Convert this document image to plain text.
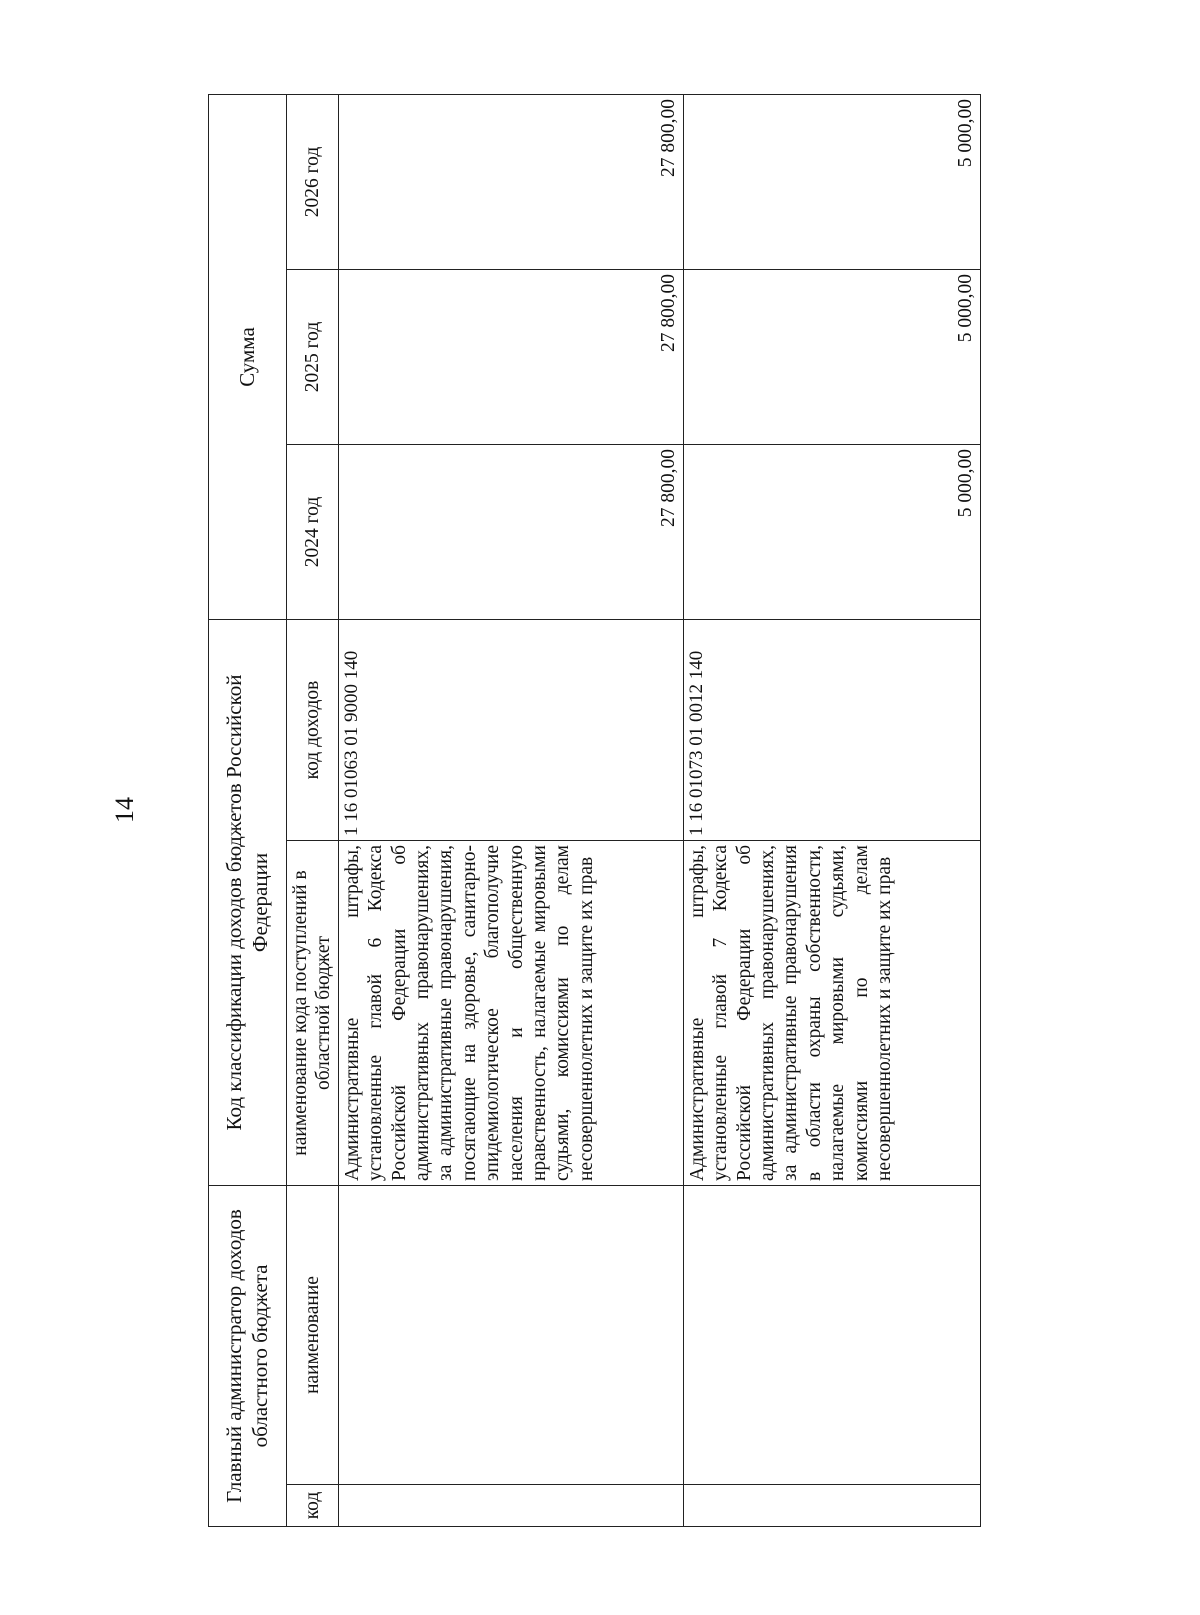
14
Главный администратор доходов областного бюджета		Код классификации доходов бюджетов Российской Федерации		Сумма		
код	наименование	наименование кода поступлений в областной бюджет	код доходов	2024 год	2025 год	2026 год
		Административные штрафы, установленные главой 6 Кодекса Российской Федерации об административных правонарушениях, за административные правонарушения, посягающие на здоровье, санитарно-эпидемиологическое благополучие населения и общественную нравственность, налагаемые мировыми судьями, комиссиями по делам несовершеннолетних и защите их прав	1 16 01063 01 9000 140	27 800,00	27 800,00	27 800,00
		Административные штрафы, установленные главой 7 Кодекса Российской Федерации об административных правонарушениях, за административные правонарушения в области охраны собственности, налагаемые мировыми судьями, комиссиями по делам несовершеннолетних и защите их прав	1 16 01073 01 0012 140	5 000,00	5 000,00	5 000,00
